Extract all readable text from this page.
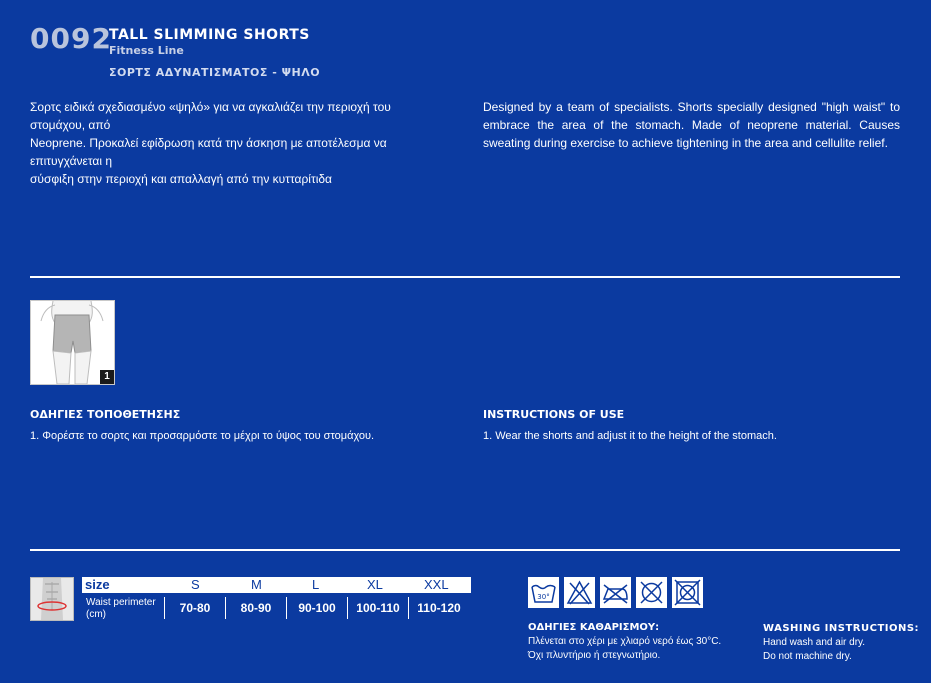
0092
TALL SLIMMING SHORTS
Fitness Line
ΣΟΡΤΣ ΑΔΥΝΑΤΙΣΜΑΤΟΣ - ΨΗΛΟ
Σορτς ειδικά σχεδιασμένο «ψηλό» για να αγκαλιάζει την περιοχή του στομάχου, από
Neoprene. Προκαλεί εφίδρωση κατά την άσκηση με αποτέλεσμα να επιτυγχάνεται η
σύσφιξη στην περιοχή και απαλλαγή από την κυτταρίτιδα
Designed by a team of specialists. Shorts specially designed "high waist" to embrace the area of the stomach. Made of neoprene material. Causes sweating during exercise to achieve tightening in the area and cellulite relief.
1
ΟΔΗΓΙΕΣ ΤΟΠΟΘΕΤΗΣΗΣ
1. Φορέστε το σορτς και προσαρμόστε το μέχρι το ύψος του στομάχου.
INSTRUCTIONS OF USE
1. Wear the shorts and adjust it to the height of the stomach.
size	S	M	L	XL	XXL
Waist perimeter
(cm)	70-80	80-90	90-100	100-110	110-120
30°
ΟΔΗΓΙΕΣ ΚΑΘΑΡΙΣΜΟΥ:
Πλένεται στο χέρι με χλιαρό νερό έως 30°C.
Όχι πλυντήριο ή στεγνωτήριο.
WASHING INSTRUCTIONS:
Hand wash and air dry.
Do not machine dry.
